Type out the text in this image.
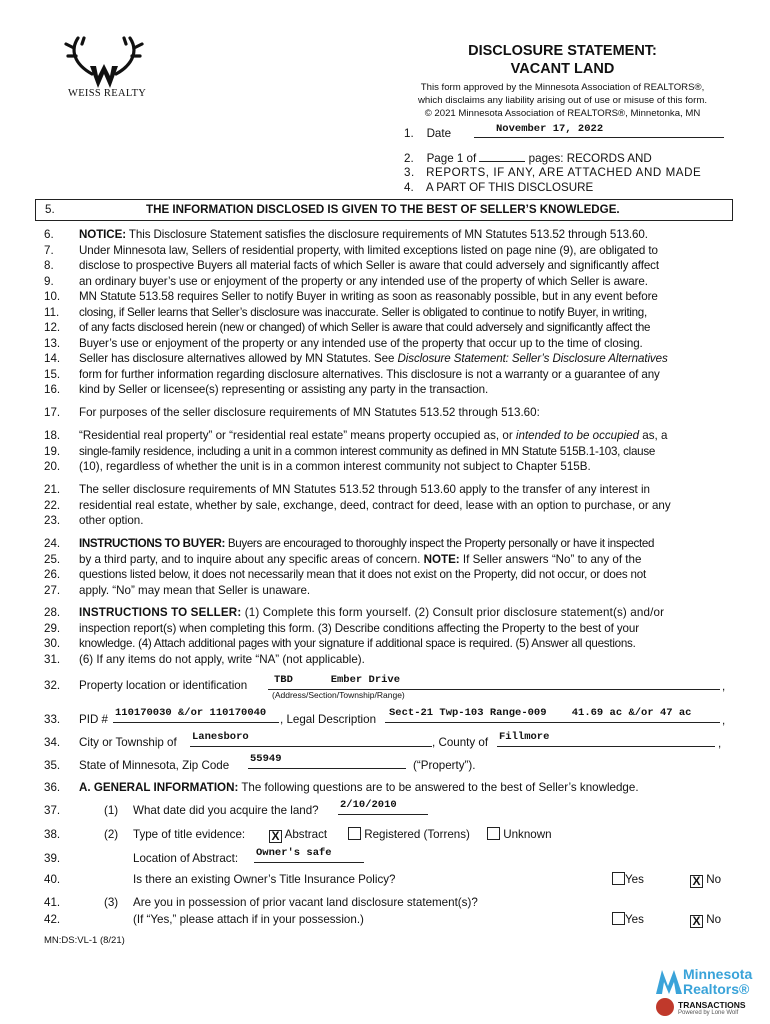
WEISS REALTY
DISCLOSURE STATEMENT:
VACANT LAND
This form approved by the Minnesota Association of REALTORS®,
which disclaims any liability arising out of use or misuse of this form.
© 2021 Minnesota Association of REALTORS®, Minnetonka, MN
1. Date	November 17, 2022
2. Page 1 of	pages: RECORDS AND
3. REPORTS, IF ANY, ARE ATTACHED AND MADE
4. A PART OF THIS DISCLOSURE
5.	THE INFORMATION DISCLOSED IS GIVEN TO THE BEST OF SELLER’S KNOWLEDGE.
6.
7.
8.
9.
10.
11.
12.
13.
14.
15.
16.
NOTICE: This Disclosure Statement satisfies the disclosure requirements of MN Statutes 513.52 through 513.60.
Under Minnesota law, Sellers of residential property, with limited exceptions listed on page nine (9), are obligated to
disclose to prospective Buyers all material facts of which Seller is aware that could adversely and significantly affect
an ordinary buyer’s use or enjoyment of the property or any intended use of the property of which Seller is aware.
MN Statute 513.58 requires Seller to notify Buyer in writing as soon as reasonably possible, but in any event before
closing, if Seller learns that Seller’s disclosure was inaccurate. Seller is obligated to continue to notify Buyer, in writing,
of any facts disclosed herein (new or changed) of which Seller is aware that could adversely and significantly affect the
Buyer’s use or enjoyment of the property or any intended use of the property that occur up to the time of closing.
Seller has disclosure alternatives allowed by MN Statutes. See Disclosure Statement: Seller’s Disclosure Alternatives
form for further information regarding disclosure alternatives. This disclosure is not a warranty or a guarantee of any
kind by Seller or licensee(s) representing or assisting any party in the transaction.
17. For purposes of the seller disclosure requirements of MN Statutes 513.52 through 513.60:
18.
19.
20.
“Residential real property” or “residential real estate” means property occupied as, or intended to be occupied as, a
single-family residence, including a unit in a common interest community as defined in MN Statute 515B.1-103, clause
(10), regardless of whether the unit is in a common interest community not subject to Chapter 515B.
21.
22.
23.
The seller disclosure requirements of MN Statutes 513.52 through 513.60 apply to the transfer of any interest in
residential real estate, whether by sale, exchange, deed, contract for deed, lease with an option to purchase, or any
other option.
24.
25.
26.
27.
INSTRUCTIONS TO BUYER: Buyers are encouraged to thoroughly inspect the Property personally or have it inspected
by a third party, and to inquire about any specific areas of concern. NOTE: If Seller answers “No” to any of the
questions listed below, it does not necessarily mean that it does not exist on the Property, did not occur, or does not
apply. “No” may mean that Seller is unaware.
28.
29.
30.
31.
INSTRUCTIONS TO SELLER: (1) Complete this form yourself. (2) Consult prior disclosure statement(s) and/or
inspection report(s) when completing this form. (3) Describe conditions affecting the Property to the best of your
knowledge. (4) Attach additional pages with your signature if additional space is required. (5) Answer all questions.
(6) If any items do not apply, write “NA” (not applicable).
32. Property location or identification	TBD      Ember Drive	,
(Address/Section/Township/Range)
33. PID # 110170030 &/or 110170040 , Legal Description Sect-21 Twp-103 Range-009    41.69 ac &/or 47 ac
,
34. City or Township of Lanesboro	, County of Fillmore	,
35. State of Minnesota, Zip Code 55949	(“Property”).
36. A. GENERAL INFORMATION: The following questions are to be answered to the best of Seller’s knowledge.
37.	(1) What date did you acquire the land? 2/10/2010
38.	(2) Type of title evidence: X Abstract	Registered (Torrens)	Unknown
39.	Location of Abstract: Owner's safe
40.	Is there an existing Owner’s Title Insurance Policy?	Yes	X No
41.	(3) Are you in possession of prior vacant land disclosure statement(s)?
42.	(If “Yes,” please attach if in your possession.)	Yes	X No
MN:DS:VL-1 (8/21)
Minnesota
Realtors®
TRANSACTIONS
Powered by Lone Wolf
